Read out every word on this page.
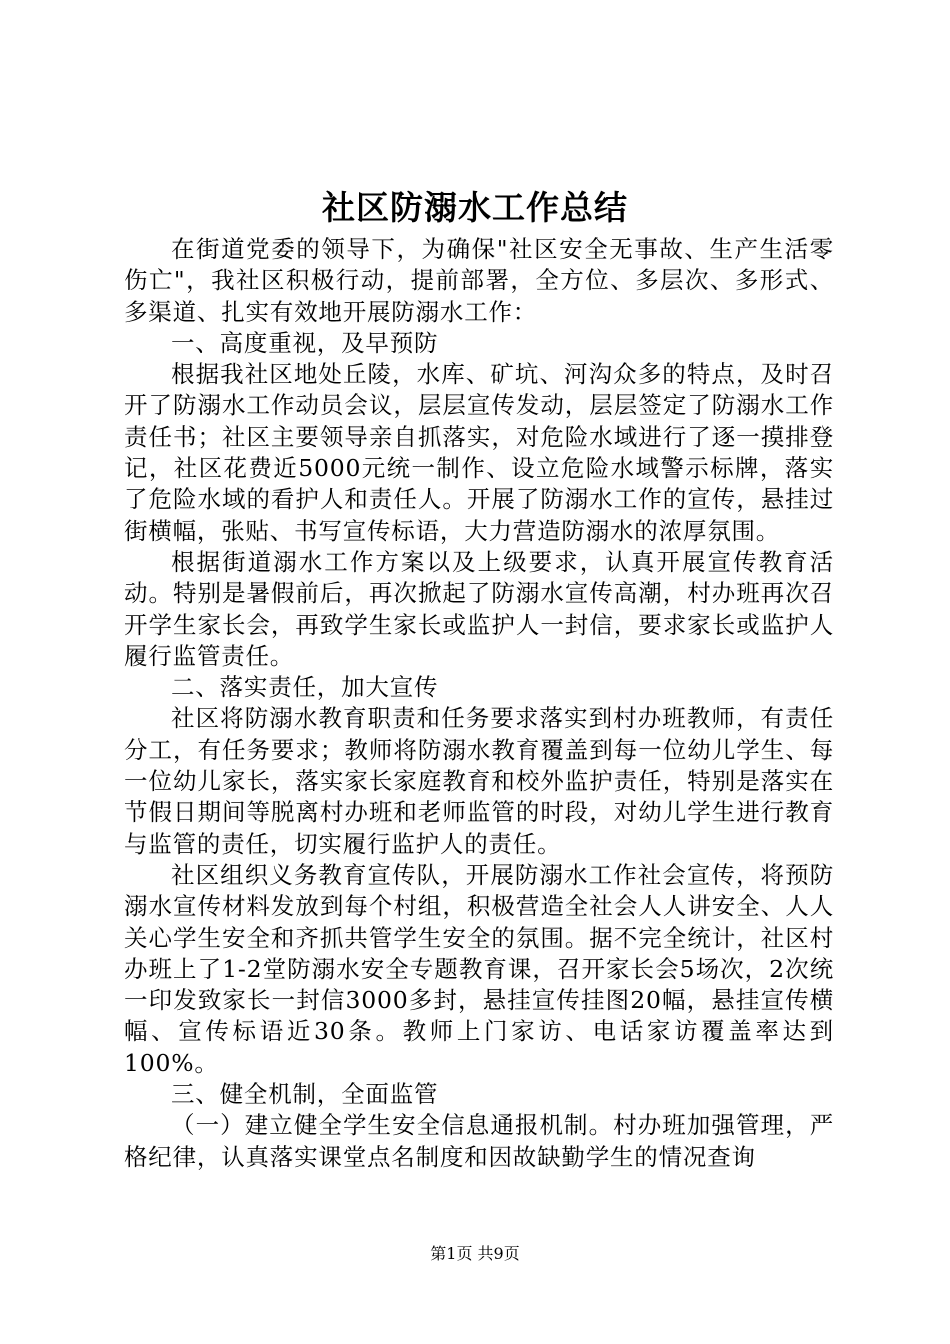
社区防溺水工作总结

在街道党委的领导下，为确保"社区安全无事故、生产生活零伤亡"，我社区积极行动，提前部署，全方位、多层次、多形式、多渠道、扎实有效地开展防溺水工作：

一、高度重视，及早预防

根据我社区地处丘陵，水库、矿坑、河沟众多的特点，及时召开了防溺水工作动员会议，层层宣传发动，层层签定了防溺水工作责任书；社区主要领导亲自抓落实，对危险水域进行了逐一摸排登记，社区花费近5000元统一制作、设立危险水域警示标牌，落实了危险水域的看护人和责任人。开展了防溺水工作的宣传，悬挂过街横幅，张贴、书写宣传标语，大力营造防溺水的浓厚氛围。

根据街道溺水工作方案以及上级要求，认真开展宣传教育活动。特别是暑假前后，再次掀起了防溺水宣传高潮，村办班再次召开学生家长会，再致学生家长或监护人一封信，要求家长或监护人履行监管责任。

二、落实责任，加大宣传

社区将防溺水教育职责和任务要求落实到村办班教师，有责任分工，有任务要求；教师将防溺水教育覆盖到每一位幼儿学生、每一位幼儿家长，落实家长家庭教育和校外监护责任，特别是落实在节假日期间等脱离村办班和老师监管的时段，对幼儿学生进行教育与监管的责任，切实履行监护人的责任。

社区组织义务教育宣传队，开展防溺水工作社会宣传，将预防溺水宣传材料发放到每个村组，积极营造全社会人人讲安全、人人关心学生安全和齐抓共管学生安全的氛围。据不完全统计，社区村办班上了1-2堂防溺水安全专题教育课，召开家长会5场次，2次统一印发致家长一封信3000多封，悬挂宣传挂图20幅，悬挂宣传横幅、宣传标语近30条。教师上门家访、电话家访覆盖率达到100%。

三、健全机制，全面监管

（一）建立健全学生安全信息通报机制。村办班加强管理，严格纪律，认真落实课堂点名制度和因故缺勤学生的情况查询

第1页 共9页
